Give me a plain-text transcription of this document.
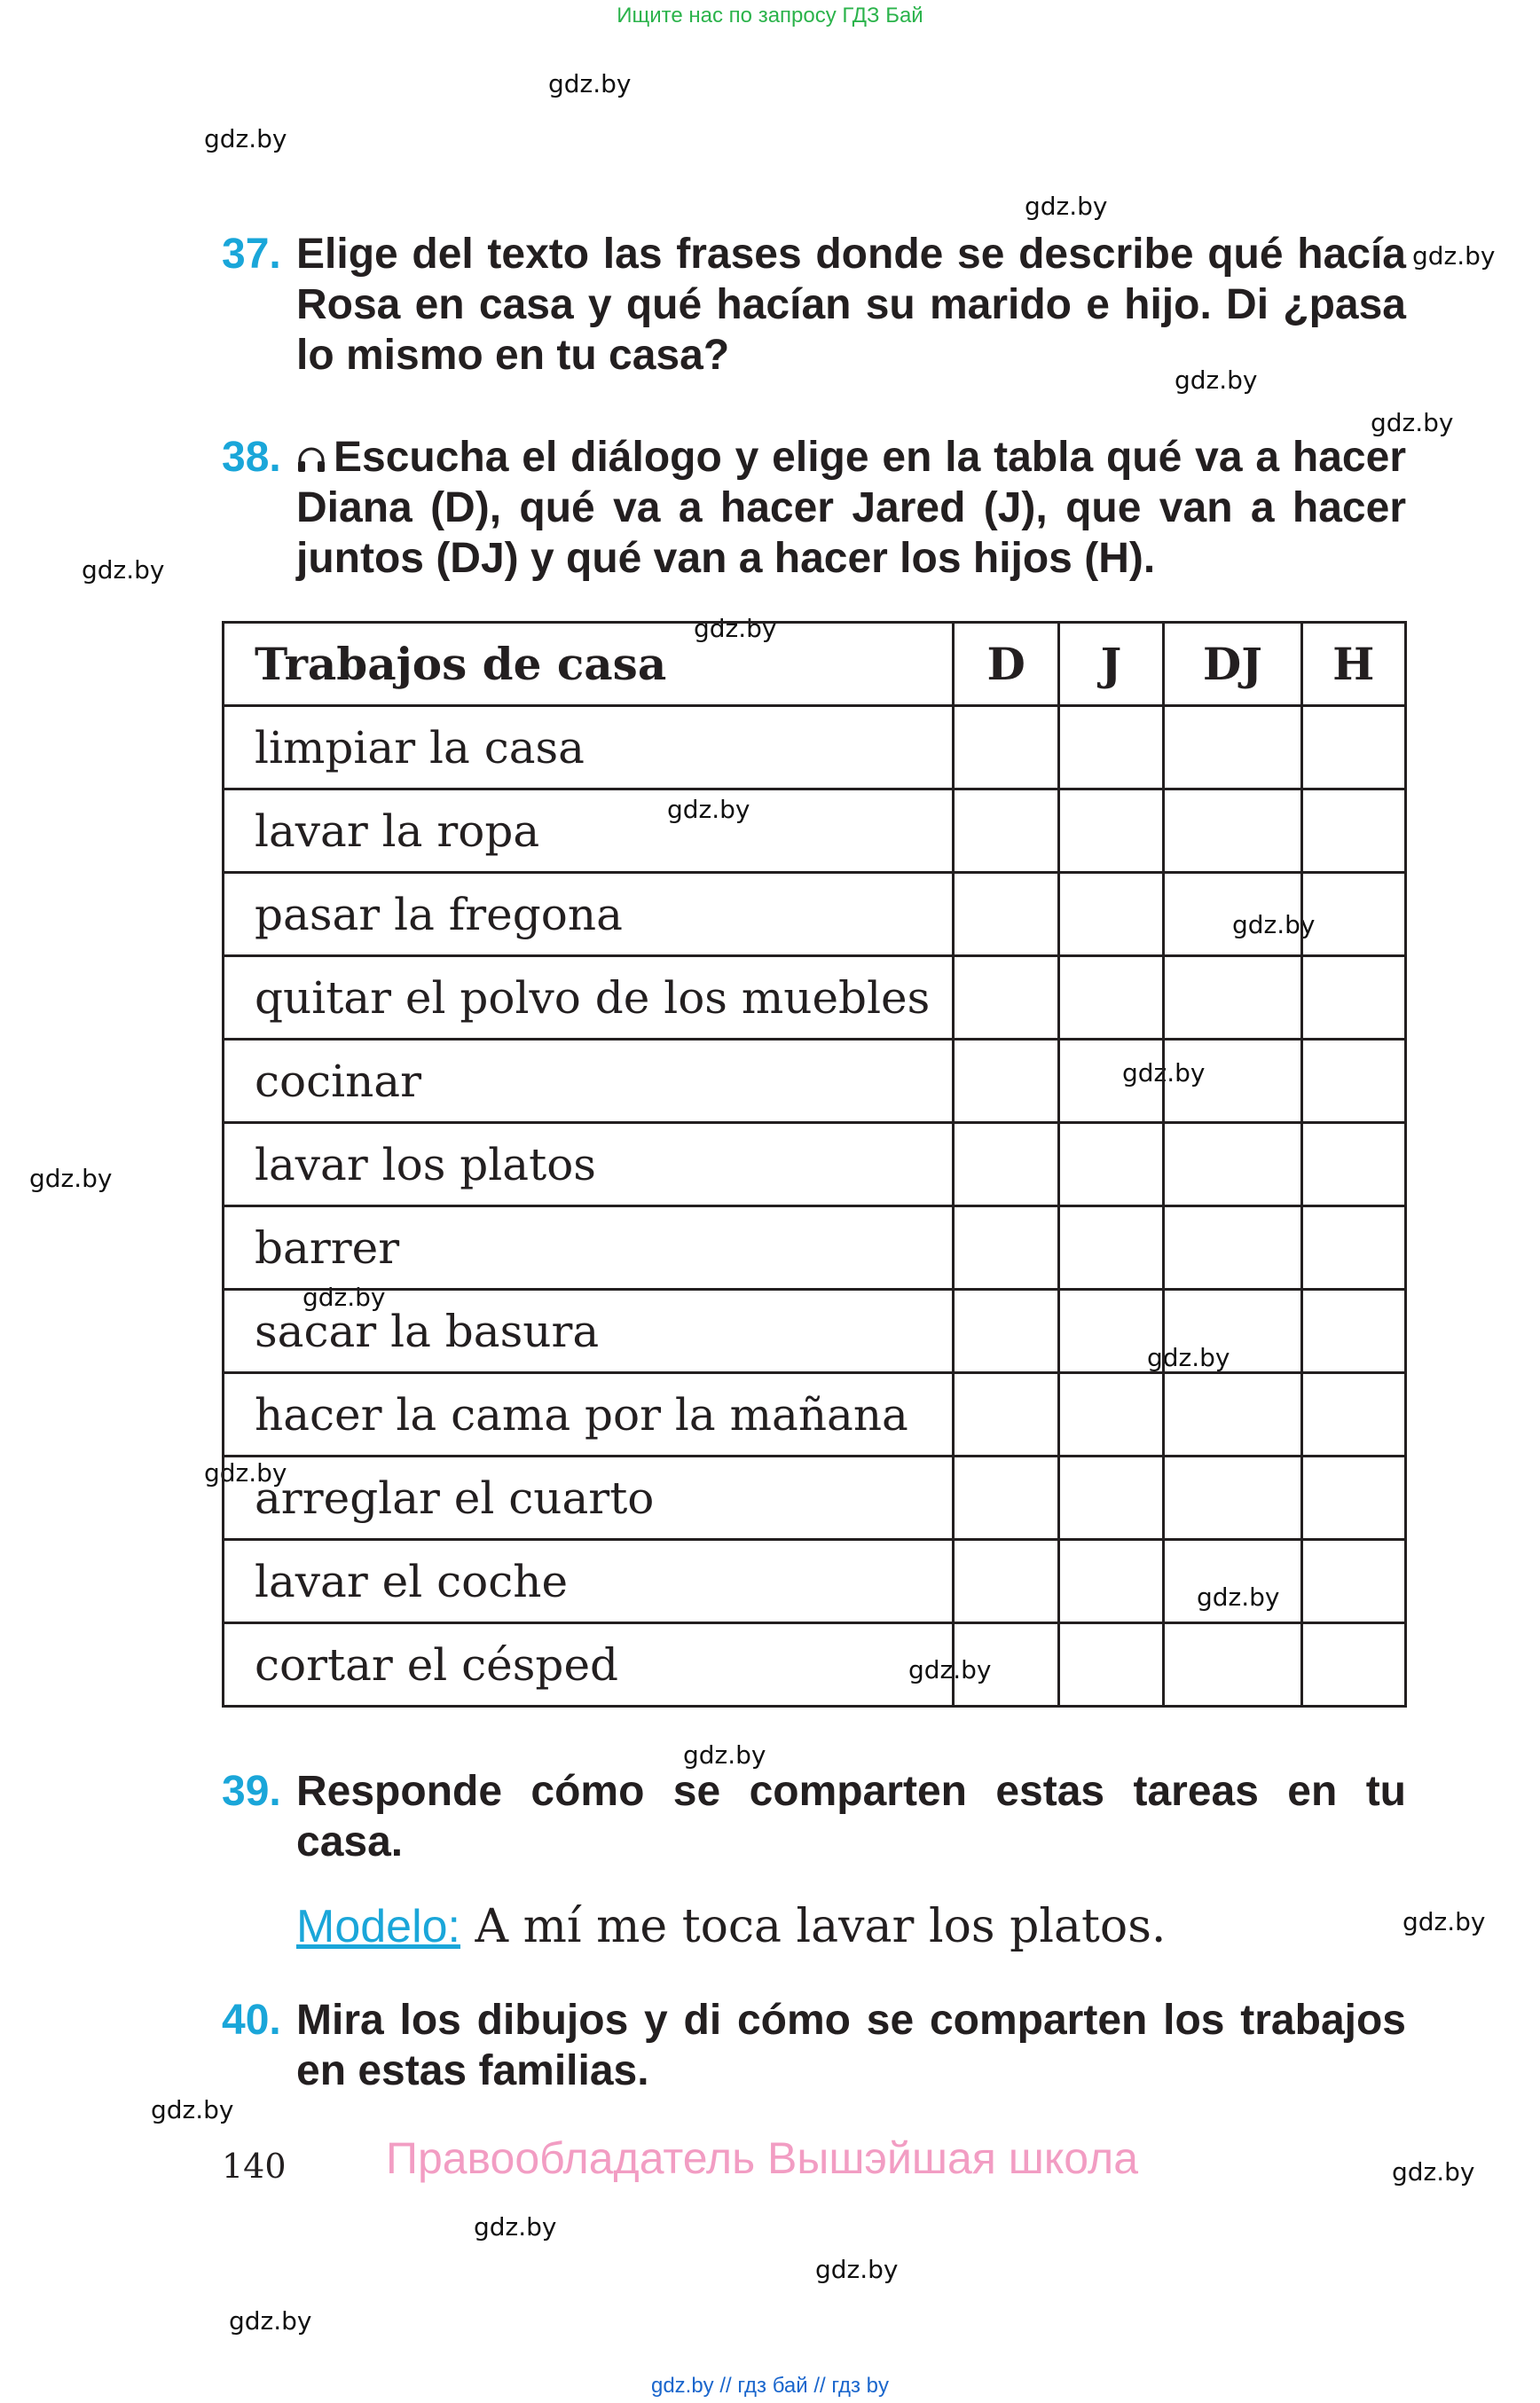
Ищите нас по запросу ГДЗ Бай
gdz.by
gdz.by
gdz.by
gdz.by
gdz.by
gdz.by
gdz.by
gdz.by
gdz.by
gdz.by
gdz.by
gdz.by
gdz.by
gdz.by
gdz.by
gdz.by
gdz.by
gdz.by
gdz.by
gdz.by
gdz.by
gdz.by
gdz.by
gdz.by
37. Elige del texto las frases donde se describe qué hacía Rosa en casa y qué hacían su marido e hijo. Di ¿pasa lo mismo en tu casa?
38.	Escucha el diálogo y elige en la tabla qué va a hacer Diana (D), qué va a hacer Jared (J), que van a hacer juntos (DJ) y qué van a hacer los hijos (H).
Trabajos de casa	D	J	DJ	H
limpiar la casa				
lavar la ropa				
pasar la fregona				
quitar el polvo de los muebles				
cocinar				
lavar los platos				
barrer				
sacar la basura				
hacer la cama por la mañana				
arreglar el cuarto				
lavar el coche				
cortar el césped				
39. Responde cómo se comparten estas tareas en tu casa.
Modelo: A mí me toca lavar los platos.
40. Mira los dibujos y di cómo se comparten los trabajos en estas familias.
140 Правообладатель Вышэйшая школа
gdz.by // гдз бай // гдз by
